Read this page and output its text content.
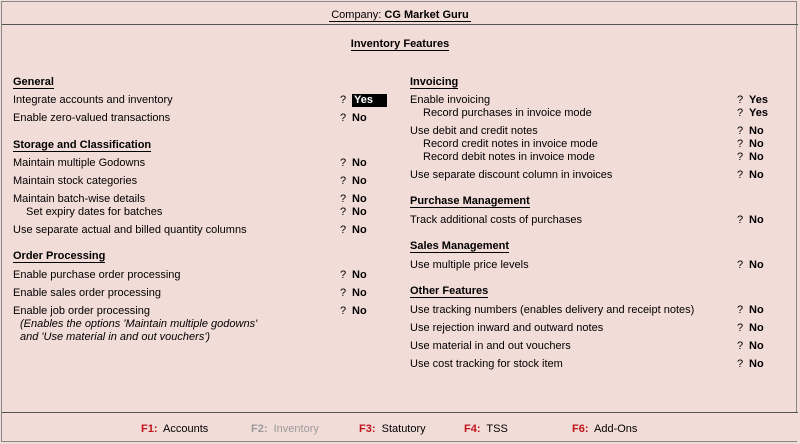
Company: CG Market Guru
Inventory Features
General
Integrate accounts and inventory	? Yes
Enable zero-valued transactions	? No
Storage and Classification
Maintain multiple Godowns	? No
Maintain stock categories	? No
Maintain batch-wise details	? No
Set expiry dates for batches	? No
Use separate actual and billed quantity columns	? No
Order Processing
Enable purchase order processing	? No
Enable sales order processing	? No
Enable job order processing	? No
(Enables the options 'Maintain multiple godowns'
and 'Use material in and out vouchers')
Invoicing
Enable invoicing	? Yes
Record purchases in invoice mode	? Yes
Use debit and credit notes	? No
Record credit notes in invoice mode	? No
Record debit notes in invoice mode	? No
Use separate discount column in invoices	? No
Purchase Management
Track additional costs of purchases	? No
Sales Management
Use multiple price levels	? No
Other Features
Use tracking numbers (enables delivery and receipt notes)	? No
Use rejection inward and outward notes	? No
Use material in and out vouchers	? No
Use cost tracking for stock item	? No
F1: Accounts	F2: Inventory	F3: Statutory	F4: TSS	F6: Add-Ons
